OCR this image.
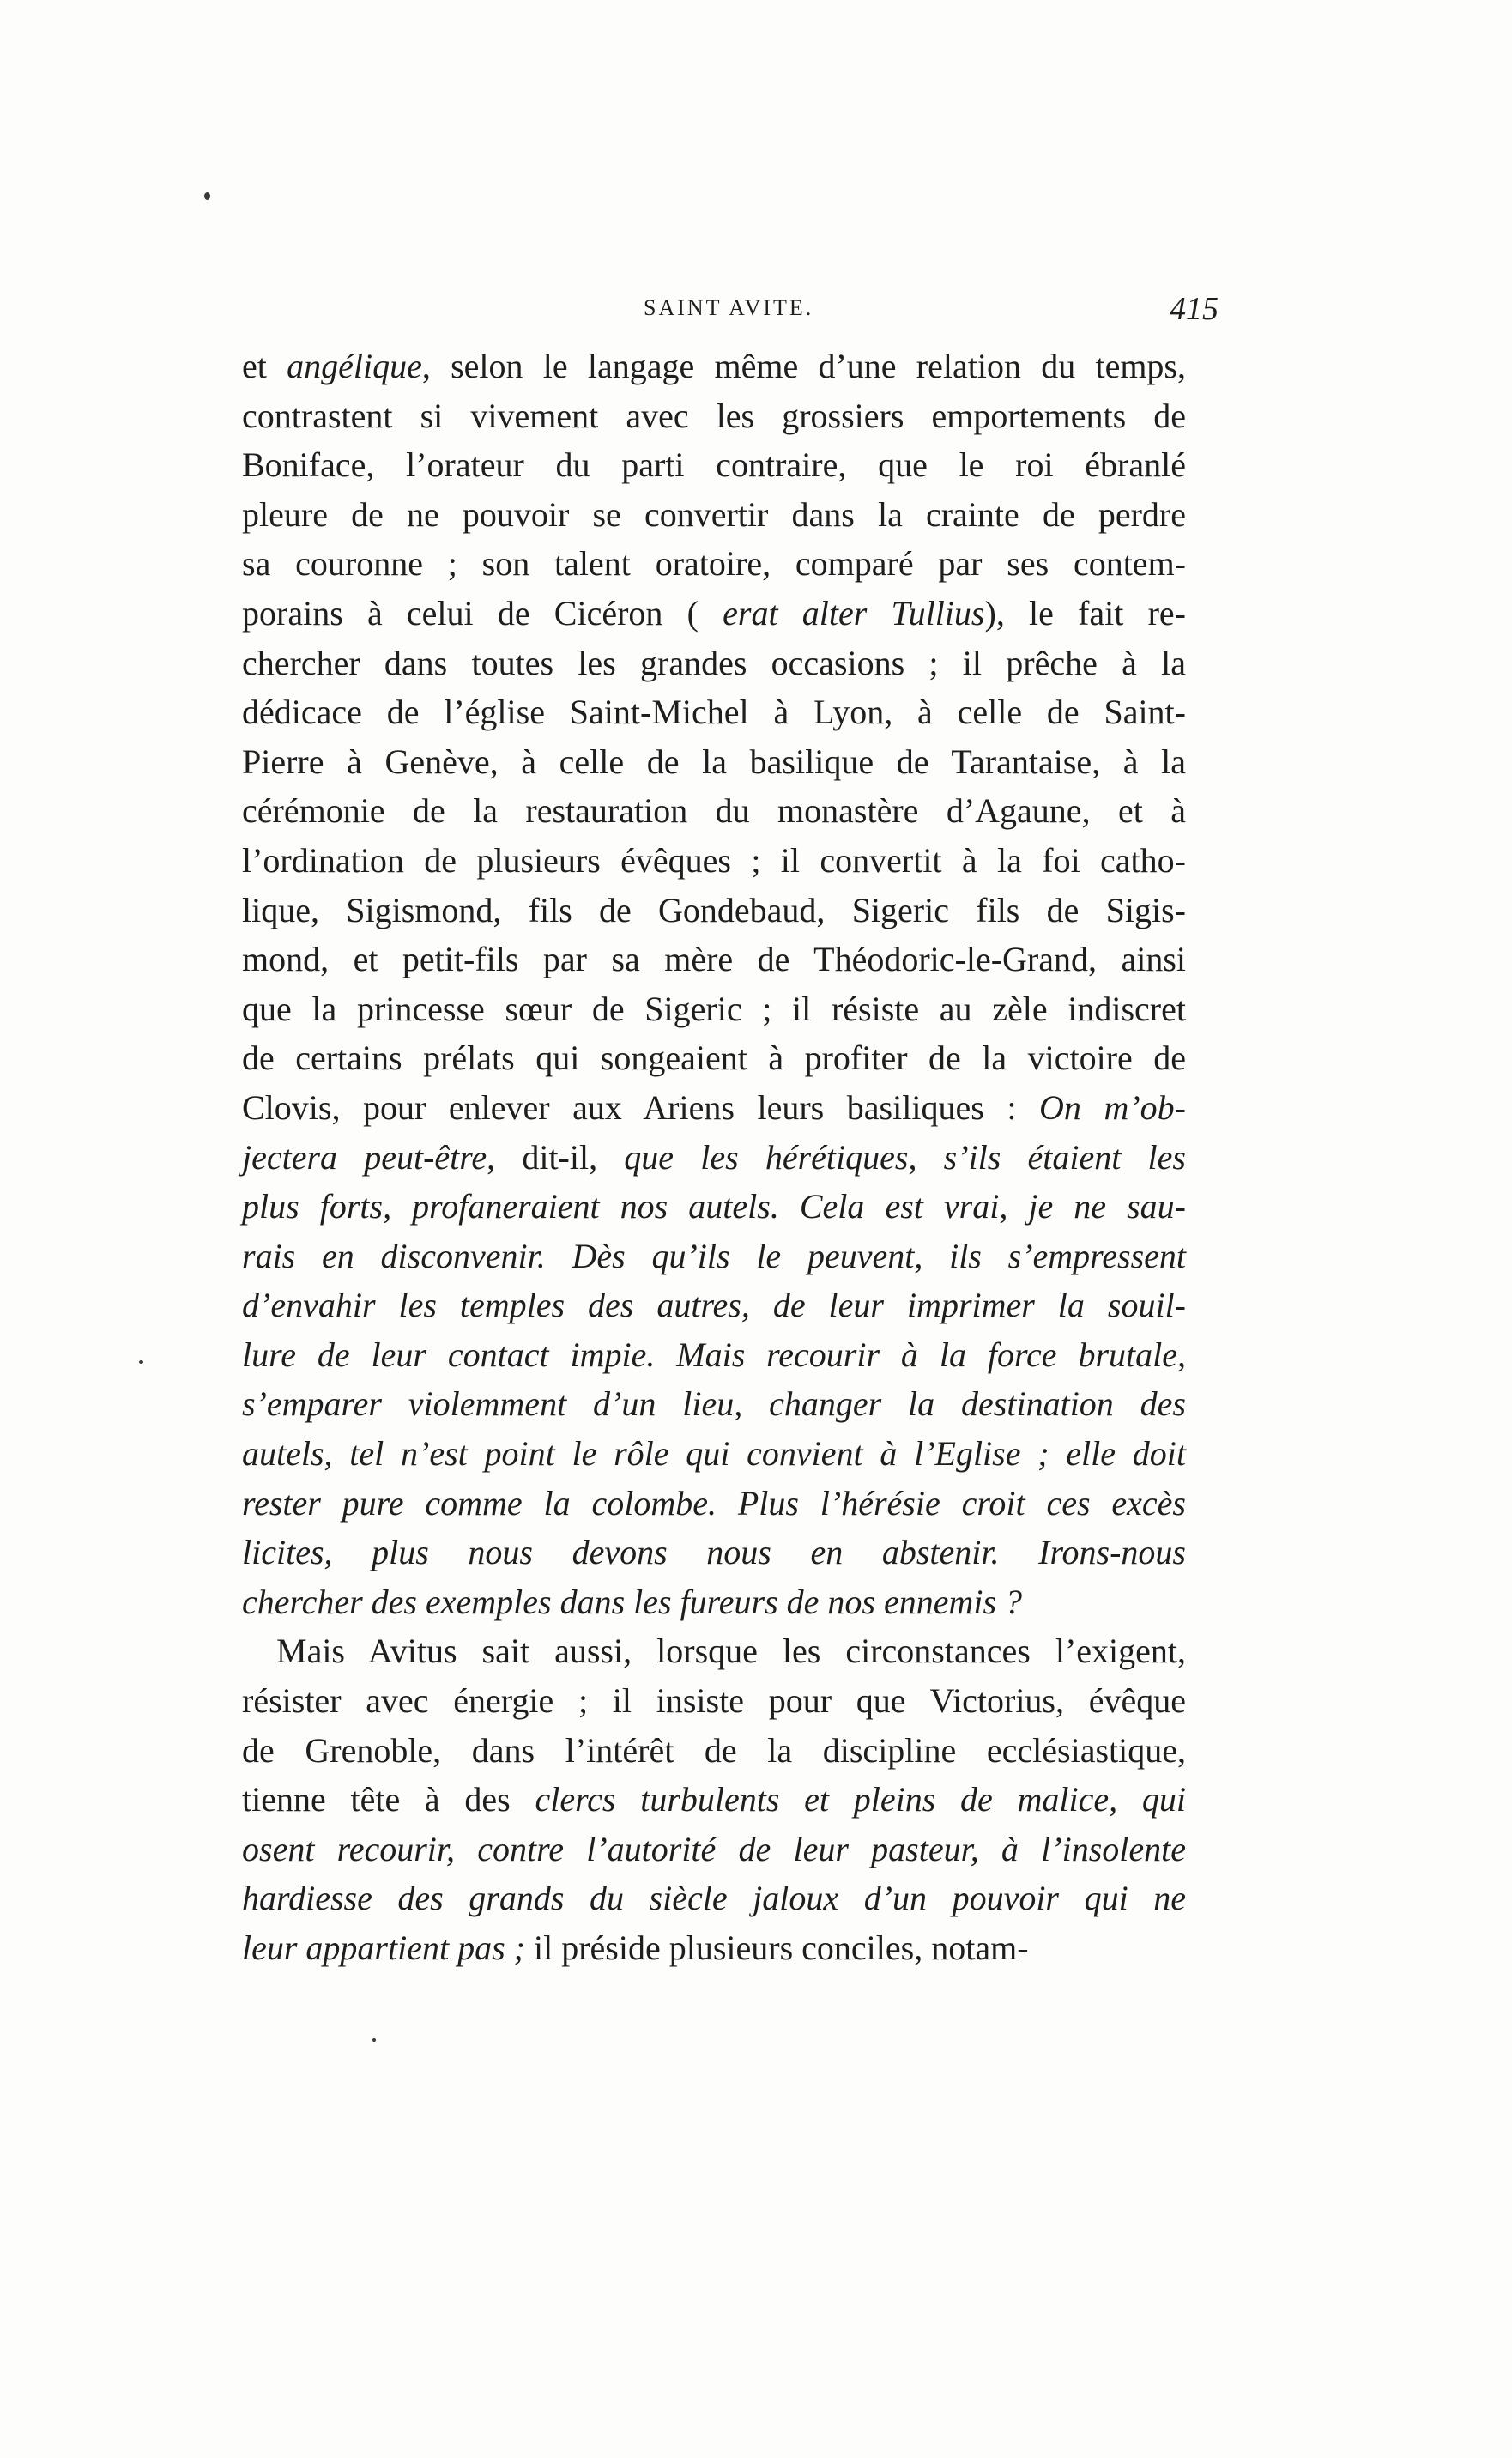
SAINT AVITE.	415
et angélique, selon le langage même d’une relation du temps,
contrastent si vivement avec les grossiers emportements de
Boniface, l’orateur du parti contraire, que le roi ébranlé
pleure de ne pouvoir se convertir dans la crainte de perdre
sa couronne ; son talent oratoire, comparé par ses contem-
porains à celui de Cicéron ( erat alter Tullius), le fait re-
chercher dans toutes les grandes occasions ; il prêche à la
dédicace de l’église Saint-Michel à Lyon, à celle de Saint-
Pierre à Genève, à celle de la basilique de Tarantaise, à la
cérémonie de la restauration du monastère d’Agaune, et à
l’ordination de plusieurs évêques ; il convertit à la foi catho-
lique, Sigismond, fils de Gondebaud, Sigeric fils de Sigis-
mond, et petit-fils par sa mère de Théodoric-le-Grand, ainsi
que la princesse sœur de Sigeric ; il résiste au zèle indiscret
de certains prélats qui songeaient à profiter de la victoire de
Clovis, pour enlever aux Ariens leurs basiliques : On m’ob-
jectera peut-être, dit-il, que les hérétiques, s’ils étaient les
plus forts, profaneraient nos autels. Cela est vrai, je ne sau-
rais en disconvenir. Dès qu’ils le peuvent, ils s’empressent
d’envahir les temples des autres, de leur imprimer la souil-
lure de leur contact impie. Mais recourir à la force brutale,
s’emparer violemment d’un lieu, changer la destination des
autels, tel n’est point le rôle qui convient à l’Eglise ; elle doit
rester pure comme la colombe. Plus l’hérésie croit ces excès
licites, plus nous devons nous en abstenir. Irons-nous
chercher des exemples dans les fureurs de nos ennemis ?
Mais Avitus sait aussi, lorsque les circonstances l’exigent,
résister avec énergie ; il insiste pour que Victorius, évêque
de Grenoble, dans l’intérêt de la discipline ecclésiastique,
tienne tête à des clercs turbulents et pleins de malice, qui
osent recourir, contre l’autorité de leur pasteur, à l’insolente
hardiesse des grands du siècle jaloux d’un pouvoir qui ne
leur appartient pas ; il préside plusieurs conciles, notam-
